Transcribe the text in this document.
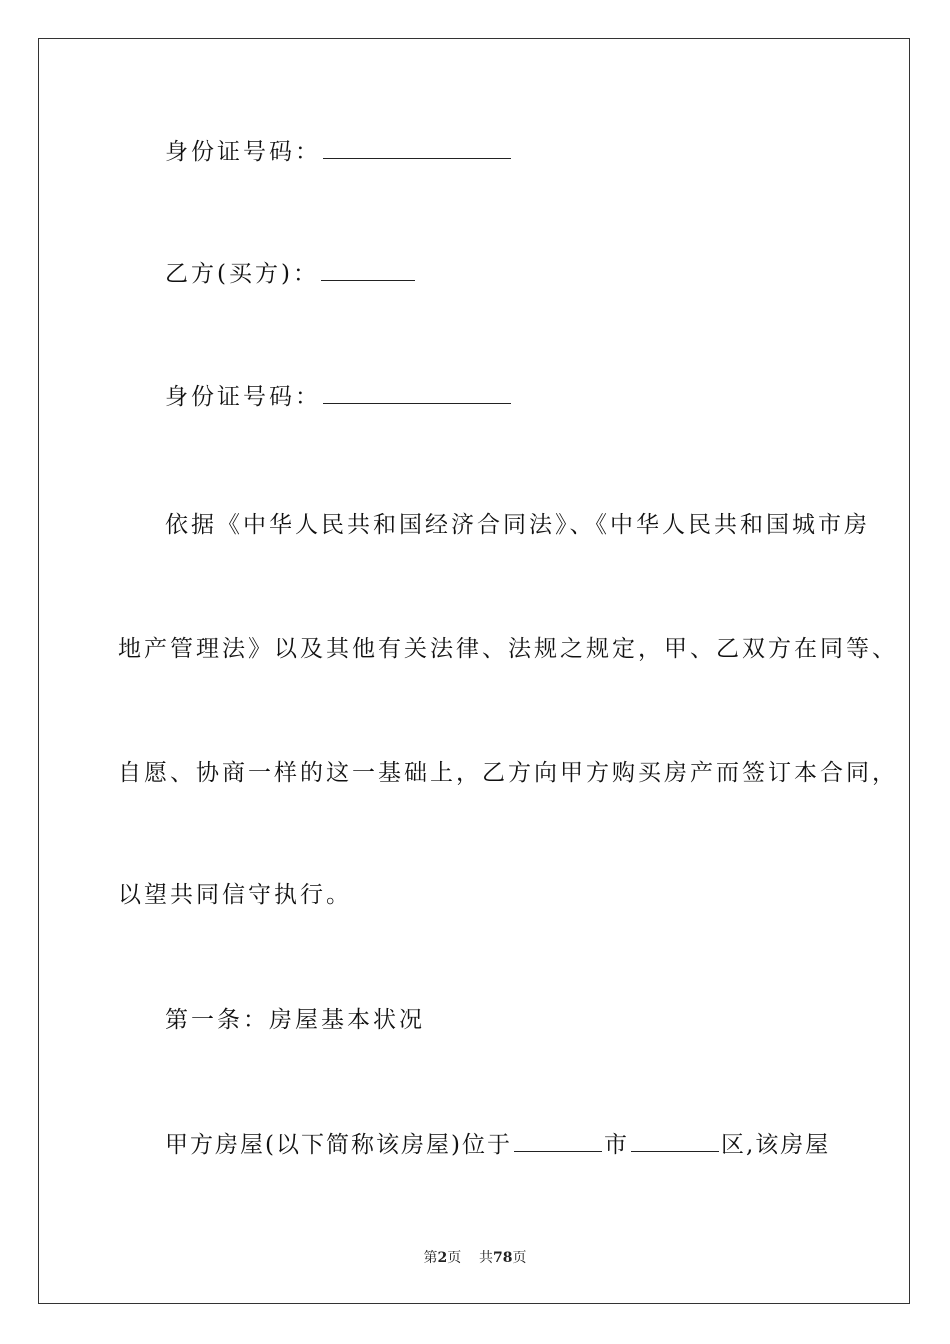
身份证号码：
乙方(买方)：
身份证号码：
依据《中华人民共和国经济合同法》、《中华人民共和国城市房
地产管理法》以及其他有关法律、法规之规定，甲、乙双方在同等、
自愿、协商一样的这一基础上，乙方向甲方购买房产而签订本合同，
以望共同信守执行。
第一条：房屋基本状况
甲方房屋(以下简称该房屋)位于	市	区,该房屋
第2页 共78页
